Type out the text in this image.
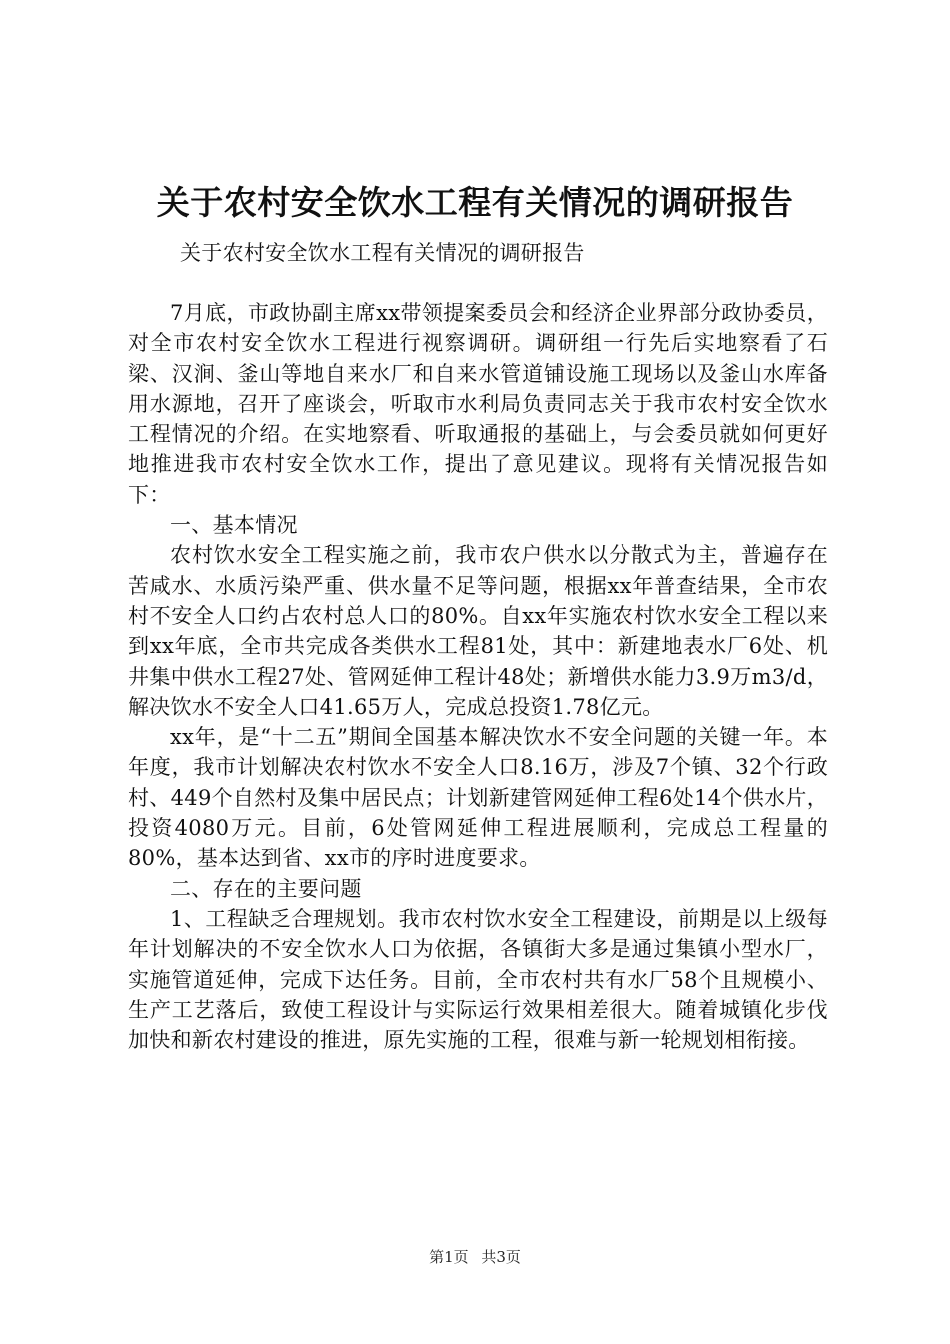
关于农村安全饮水工程有关情况的调研报告

关于农村安全饮水工程有关情况的调研报告

7月底，市政协副主席xx带领提案委员会和经济企业界部分政协委员，对全市农村安全饮水工程进行视察调研。调研组一行先后实地察看了石梁、汉涧、釜山等地自来水厂和自来水管道铺设施工现场以及釜山水库备用水源地，召开了座谈会，听取市水利局负责同志关于我市农村安全饮水工程情况的介绍。在实地察看、听取通报的基础上，与会委员就如何更好地推进我市农村安全饮水工作，提出了意见建议。现将有关情况报告如下：

一、基本情况

农村饮水安全工程实施之前，我市农户供水以分散式为主，普遍存在苦咸水、水质污染严重、供水量不足等问题，根据xx年普查结果，全市农村不安全人口约占农村总人口的80%。自xx年实施农村饮水安全工程以来到xx年底，全市共完成各类供水工程81处，其中：新建地表水厂6处、机井集中供水工程27处、管网延伸工程计48处；新增供水能力3.9万m3/d，解决饮水不安全人口41.65万人，完成总投资1.78亿元。

xx年，是“十二五”期间全国基本解决饮水不安全问题的关键一年。本年度，我市计划解决农村饮水不安全人口8.16万，涉及7个镇、32个行政村、449个自然村及集中居民点；计划新建管网延伸工程6处14个供水片，投资4080万元。目前，6处管网延伸工程进展顺利，完成总工程量的80%，基本达到省、xx市的序时进度要求。

二、存在的主要问题

1、工程缺乏合理规划。我市农村饮水安全工程建设，前期是以上级每年计划解决的不安全饮水人口为依据，各镇街大多是通过集镇小型水厂，实施管道延伸，完成下达任务。目前，全市农村共有水厂58个且规模小、生产工艺落后，致使工程设计与实际运行效果相差很大。随着城镇化步伐加快和新农村建设的推进，原先实施的工程，很难与新一轮规划相衔接。

第1页 共3页
